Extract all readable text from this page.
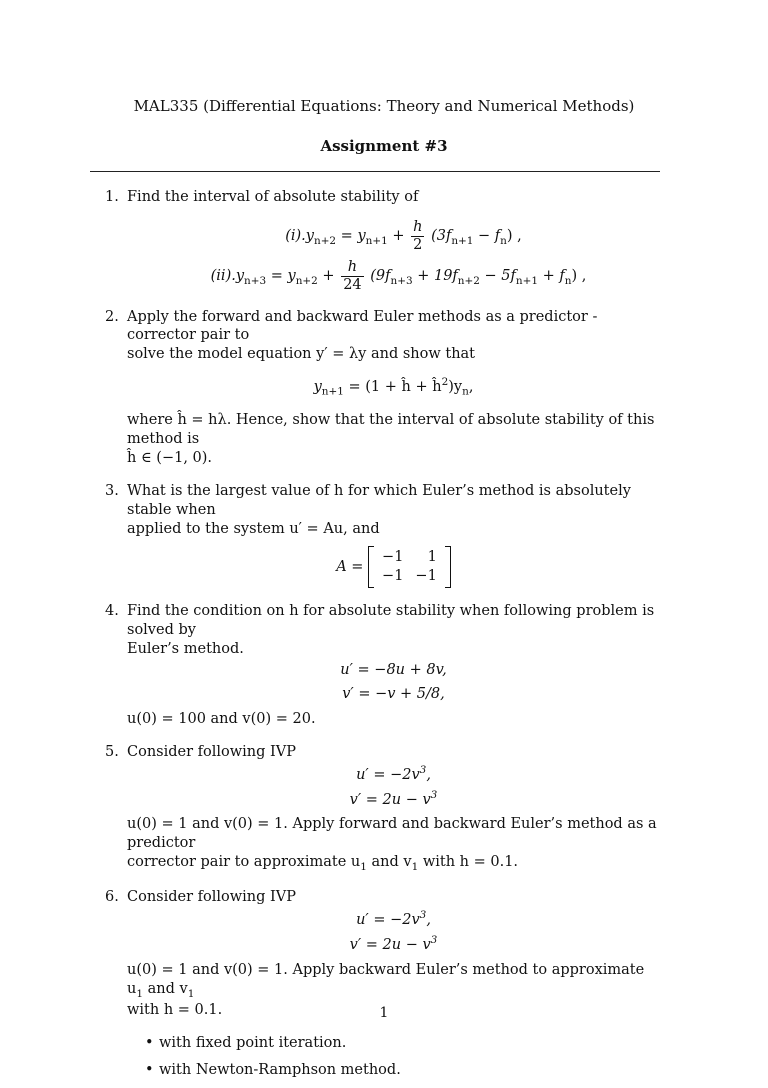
MAL335 (Differential Equations: Theory and Numerical Methods)
Assignment #3
1. Find the interval of absolute stability of

$(i).y_{n+2} = y_{n+1} + \frac{h}{2} (3f_{n+1} - f_n)$ ,
$(ii).y_{n+3} = y_{n+2} + \frac{h}{24} (9f_{n+3} + 19f_{n+2} - 5f_{n+1} + f_n)$ ,
2. Apply the forward and backward Euler methods as a predictor -corrector pair to

solve the model equation y′ = λy and show that

$y_{n+1} = (1$ + ĥ + $ĥ^2)y_n$,

where ĥ = hλ. Hence, show that the interval of absolute stability of this method is

ĥ ∈ (−1, 0).

3. What is the largest value of h for which Euler’s method is absolutely stable when

applied to the system u′ = Au, and

A =
−1	1
−1	−1
4. Find the condition on h for absolute stability when following problem is solved by

Euler’s method.

u′ = −8u + 8v,
v′ = −v + 5/8,

u(0) = 100 and v(0) = 20.

5. Consider following IVP

$u' = -2v^3$,
$v' = 2u - v^3$

u(0) = 1 and v(0) = 1. Apply forward and backward Euler’s method as a predictor

corrector pair to approximate $u_1$ and $v_1$ with h = 0.1.

6. Consider following IVP

$u' = -2v^3$,
$v' = 2u - v^3$

u(0) = 1 and v(0) = 1. Apply backward Euler’s method to approximate $u_1$ and $v_1$

with h = 0.1.

• with fixed point iteration.
• with Newton-Ramphson method.
1
